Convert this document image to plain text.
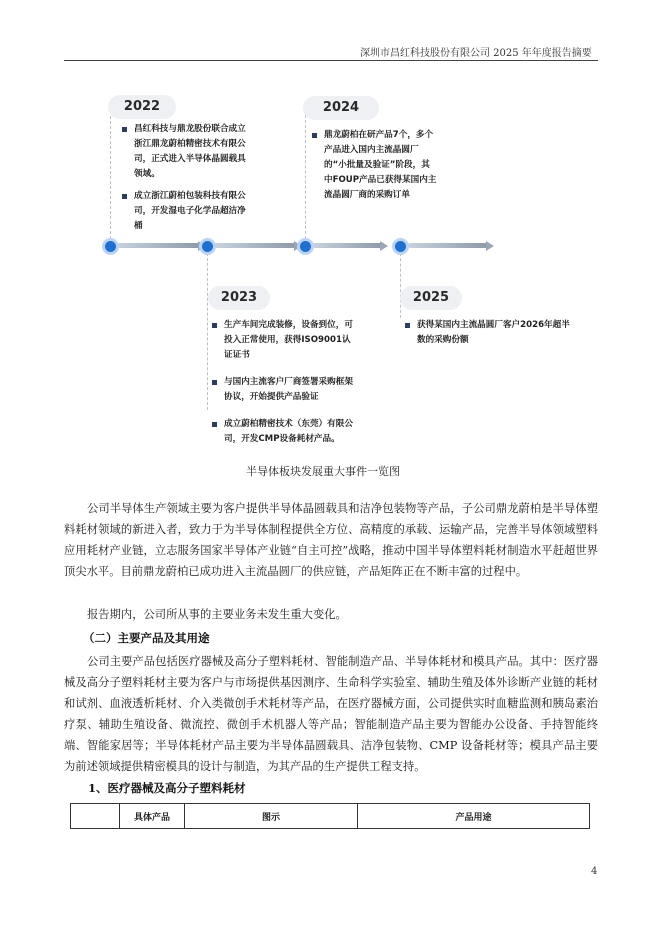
深圳市昌红科技股份有限公司 2025 年年度报告摘要
2022
昌红科技与鼎龙股份联合成立浙江鼎龙蔚柏精密技术有限公司，正式进入半导体晶圆载具领域。
成立浙江蔚柏包装科技有限公司，开发湿电子化学品超洁净桶
2024
鼎龙蔚柏在研产品7个，多个产品进入国内主流晶圆厂的“小批量及验证”阶段，其中FOUP产品已获得某国内主流晶圆厂商的采购订单
2023
生产车间完成装修，设备到位，可投入正常使用，获得ISO9001认证证书
与国内主流客户厂商签署采购框架协议，开始提供产品验证
成立蔚柏精密技术（东莞）有限公司，开发CMP设备耗材产品。
2025
获得某国内主流晶圆厂客户2026年超半数的采购份额
半导体板块发展重大事件一览图
公司半导体生产领域主要为客户提供半导体晶圆载具和洁净包装物等产品，子公司鼎龙蔚柏是半导体塑料耗材领域的新进入者，致力于为半导体制程提供全方位、高精度的承载、运输产品，完善半导体领域塑料应用耗材产业链，立志服务国家半导体产业链“自主可控”战略，推动中国半导体塑料耗材制造水平赶超世界顶尖水平。目前鼎龙蔚柏已成功进入主流晶圆厂的供应链，产品矩阵正在不断丰富的过程中。
报告期内，公司所从事的主要业务未发生重大变化。
（二）主要产品及其用途
公司主要产品包括医疗器械及高分子塑料耗材、智能制造产品、半导体耗材和模具产品。其中：医疗器械及高分子塑料耗材主要为客户与市场提供基因测序、生命科学实验室、辅助生殖及体外诊断产业链的耗材和试剂、血液透析耗材、介入类微创手术耗材等产品，在医疗器械方面，公司提供实时血糖监测和胰岛素治疗泵、辅助生殖设备、微流控、微创手术机器人等产品；智能制造产品主要为智能办公设备、手持智能终端、智能家居等；半导体耗材产品主要为半导体晶圆载具、洁净包装物、CMP 设备耗材等；模具产品主要为前述领域提供精密模具的设计与制造，为其产品的生产提供工程支持。
1、医疗器械及高分子塑料耗材
	具体产品	图示	产品用途
4
